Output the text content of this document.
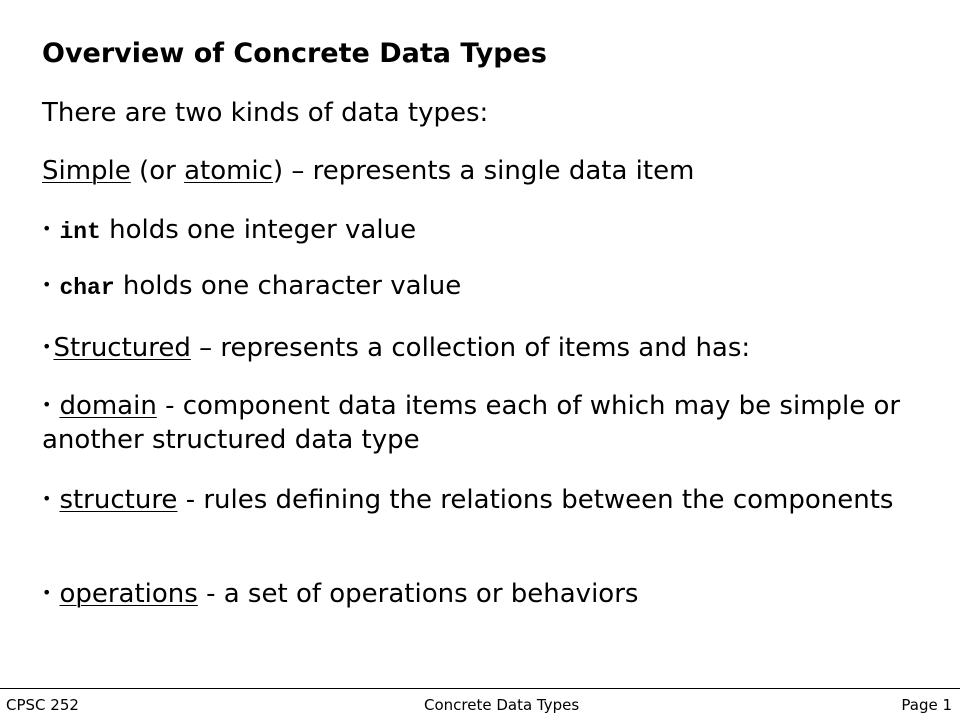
Overview of Concrete Data Types
There are two kinds of data types:
Simple (or atomic) – represents a single data item
• int holds one integer value
• char holds one character value
•Structured – represents a collection of items and has:
• domain - component data items each of which may be simple or another structured data type
• structure - rules defining the relations between the components
• operations - a set of operations or behaviors
CPSC 252	Concrete Data Types	Page 1
